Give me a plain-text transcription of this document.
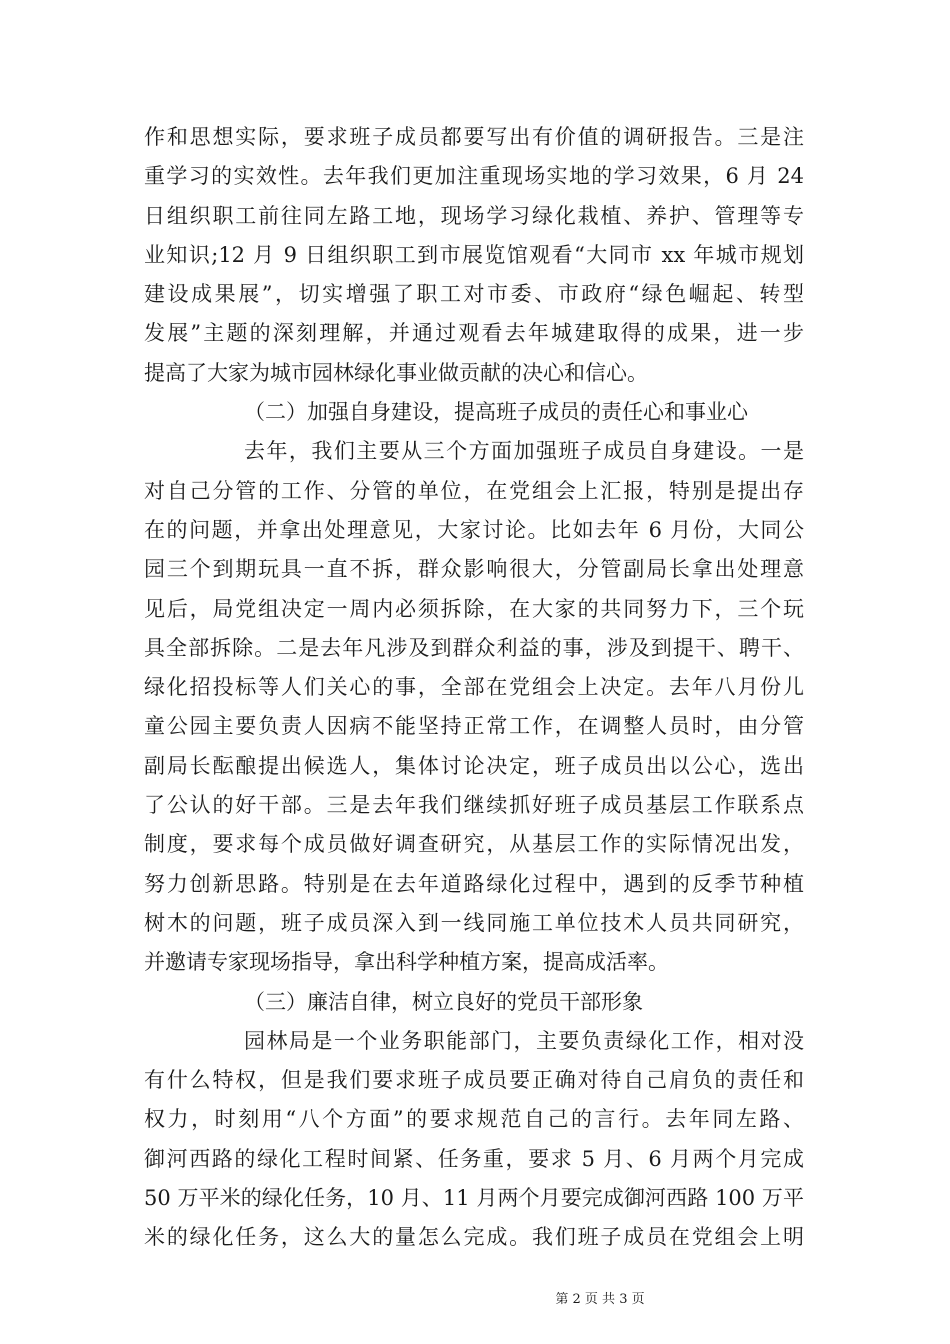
作和思想实际，要求班子成员都要写出有价值的调研报告。三是注
重学习的实效性。去年我们更加注重现场实地的学习效果，6 月 24
日组织职工前往同左路工地，现场学习绿化栽植、养护、管理等专
业知识;12 月 9 日组织职工到市展览馆观看“大同市 xx 年城市规划
建设成果展”，切实增强了职工对市委、市政府“绿色崛起、转型
发展”主题的深刻理解，并通过观看去年城建取得的成果，进一步
提高了大家为城市园林绿化事业做贡献的决心和信心。
（二）加强自身建设，提高班子成员的责任心和事业心
去年，我们主要从三个方面加强班子成员自身建设。一是
对自己分管的工作、分管的单位，在党组会上汇报，特别是提出存
在的问题，并拿出处理意见，大家讨论。比如去年 6 月份，大同公
园三个到期玩具一直不拆，群众影响很大，分管副局长拿出处理意
见后，局党组决定一周内必须拆除，在大家的共同努力下，三个玩
具全部拆除。二是去年凡涉及到群众利益的事，涉及到提干、聘干、
绿化招投标等人们关心的事，全部在党组会上决定。去年八月份儿
童公园主要负责人因病不能坚持正常工作，在调整人员时，由分管
副局长酝酿提出候选人，集体讨论决定，班子成员出以公心，选出
了公认的好干部。三是去年我们继续抓好班子成员基层工作联系点
制度，要求每个成员做好调查研究，从基层工作的实际情况出发，
努力创新思路。特别是在去年道路绿化过程中，遇到的反季节种植
树木的问题，班子成员深入到一线同施工单位技术人员共同研究，
并邀请专家现场指导，拿出科学种植方案，提高成活率。
（三）廉洁自律，树立良好的党员干部形象
园林局是一个业务职能部门，主要负责绿化工作，相对没
有什么特权，但是我们要求班子成员要正确对待自己肩负的责任和
权力，时刻用“八个方面”的要求规范自己的言行。去年同左路、
御河西路的绿化工程时间紧、任务重，要求 5 月、6 月两个月完成
50 万平米的绿化任务，10 月、11 月两个月要完成御河西路 100 万平
米的绿化任务，这么大的量怎么完成。我们班子成员在党组会上明
第 2 页 共 3 页
